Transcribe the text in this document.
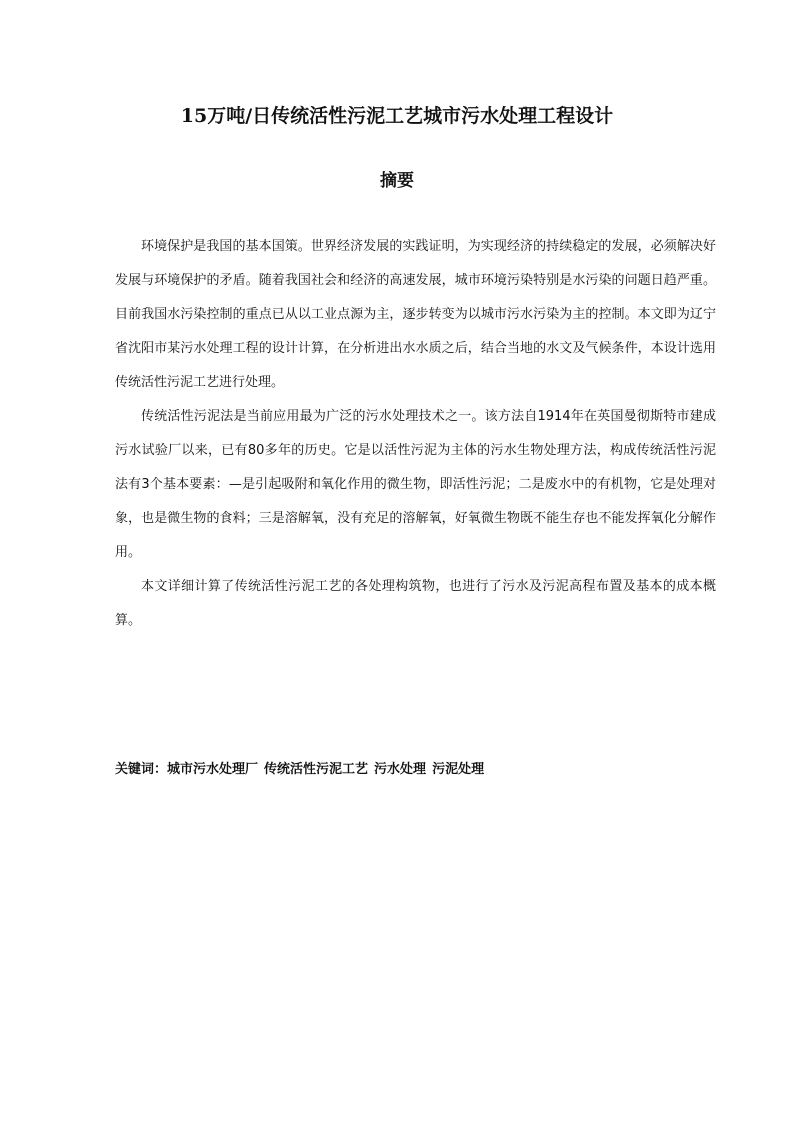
15万吨/日传统活性污泥工艺城市污水处理工程设计
摘要

环境保护是我国的基本国策。世界经济发展的实践证明，为实现经济的持续稳定的发展，必须解决好发展与环境保护的矛盾。随着我国社会和经济的高速发展，城市环境污染特别是水污染的问题日趋严重。目前我国水污染控制的重点已从以工业点源为主，逐步转变为以城市污水污染为主的控制。本文即为辽宁省沈阳市某污水处理工程的设计计算，在分析进出水水质之后，结合当地的水文及气候条件，本设计选用传统活性污泥工艺进行处理。

传统活性污泥法是当前应用最为广泛的污水处理技术之一。该方法自1914年在英国曼彻斯特市建成污水试验厂以来，已有80多年的历史。它是以活性污泥为主体的污水生物处理方法，构成传统活性污泥法有3个基本要素：—是引起吸附和氧化作用的微生物，即活性污泥；二是废水中的有机物，它是处理对象，也是微生物的食料；三是溶解氧，没有充足的溶解氧，好氧微生物既不能生存也不能发挥氧化分解作用。

本文详细计算了传统活性污泥工艺的各处理构筑物，也进行了污水及污泥高程布置及基本的成本概算。

关键词：城市污水处理厂 传统活性污泥工艺 污水处理 污泥处理
